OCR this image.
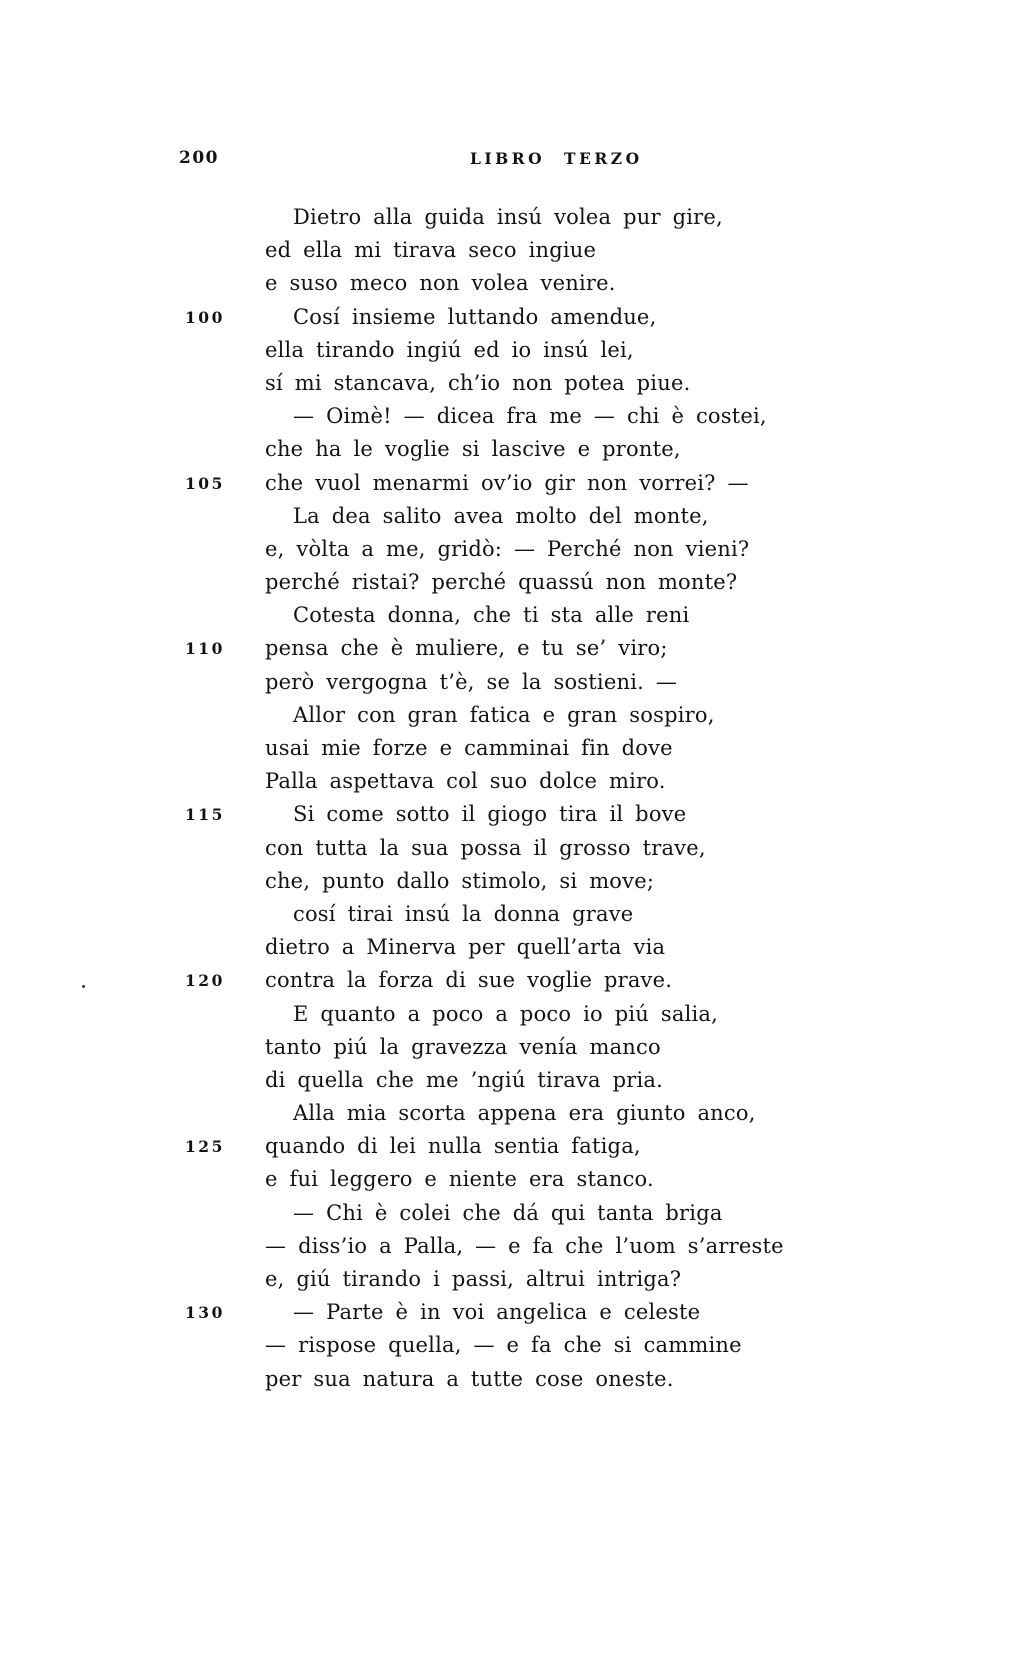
200	LIBRO TERZO
Dietro alla guida insú volea pur gire,
ed ella mi tirava seco ingiue
e suso meco non volea venire.
100	Cosí insieme luttando amendue,
ella tirando ingiú ed io insú lei,
sí mi stancava, ch’io non potea piue.
— Oimè! — dicea fra me — chi è costei,
che ha le voglie si lascive e pronte,
105 che vuol menarmi ov’io gir non vorrei? —
La dea salito avea molto del monte,
e, vòlta a me, gridò: — Perché non vieni?
perché ristai? perché quassú non monte?
Cotesta donna, che ti sta alle reni
110 pensa che è muliere, e tu se’ viro;
però vergogna t’è, se la sostieni. —
Allor con gran fatica e gran sospiro,
usai mie forze e camminai fin dove
Palla aspettava col suo dolce miro.
115	Si come sotto il giogo tira il bove
con tutta la sua possa il grosso trave,
che, punto dallo stimolo, si move;
cosí tirai insú la donna grave
dietro a Minerva per quell’arta via
120 contra la forza di sue voglie prave.
E quanto a poco a poco io piú salia,
tanto piú la gravezza venía manco
di quella che me ’ngiú tirava pria.
Alla mia scorta appena era giunto anco,
125 quando di lei nulla sentia fatiga,
e fui leggero e niente era stanco.
— Chi è colei che dá qui tanta briga
— diss’io a Palla, — e fa che l’uom s’arreste
e, giú tirando i passi, altrui intriga?
130	— Parte è in voi angelica e celeste
— rispose quella, — e fa che si cammine
per sua natura a tutte cose oneste.
